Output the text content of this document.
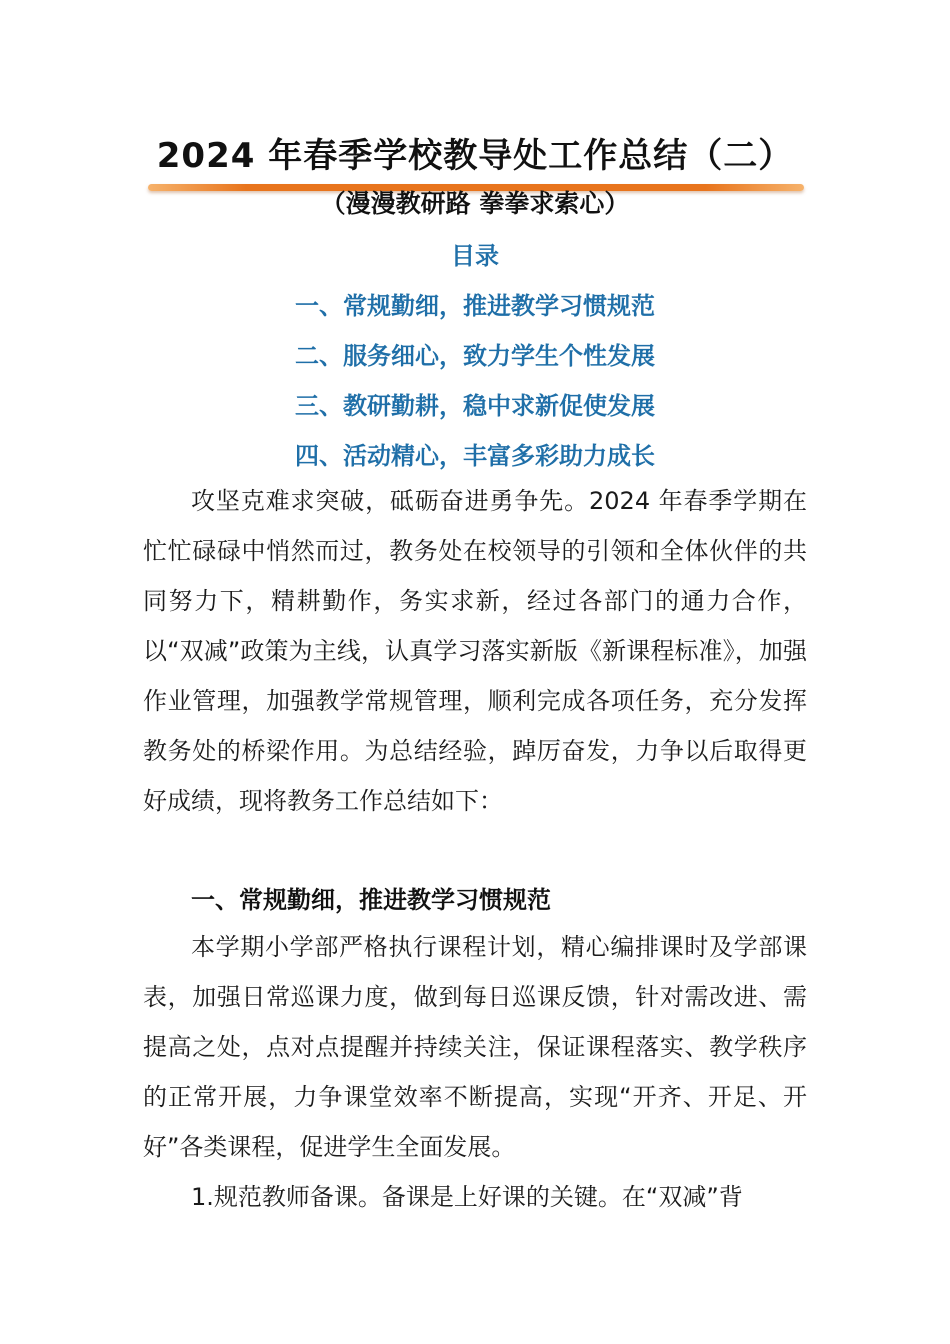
2024 年春季学校教导处工作总结（二）
（漫漫教研路 拳拳求索心）
目录

一、常规勤细，推进教学习惯规范

二、服务细心，致力学生个性发展

三、教研勤耕，稳中求新促使发展

四、活动精心，丰富多彩助力成长

攻坚克难求突破，砥砺奋进勇争先。2024 年春季学期在忙忙碌碌中悄然而过，教务处在校领导的引领和全体伙伴的共同努力下，精耕勤作，务实求新，经过各部门的通力合作，以“双减”政策为主线，认真学习落实新版《新课程标准》，加强作业管理，加强教学常规管理，顺利完成各项任务，充分发挥教务处的桥梁作用。为总结经验，踔厉奋发，力争以后取得更好成绩，现将教务工作总结如下：

一、常规勤细，推进教学习惯规范

本学期小学部严格执行课程计划，精心编排课时及学部课表，加强日常巡课力度，做到每日巡课反馈，针对需改进、需提高之处，点对点提醒并持续关注，保证课程落实、教学秩序的正常开展，力争课堂效率不断提高，实现“开齐、开足、开好”各类课程，促进学生全面发展。

1.规范教师备课。备课是上好课的关键。在“双减”背
